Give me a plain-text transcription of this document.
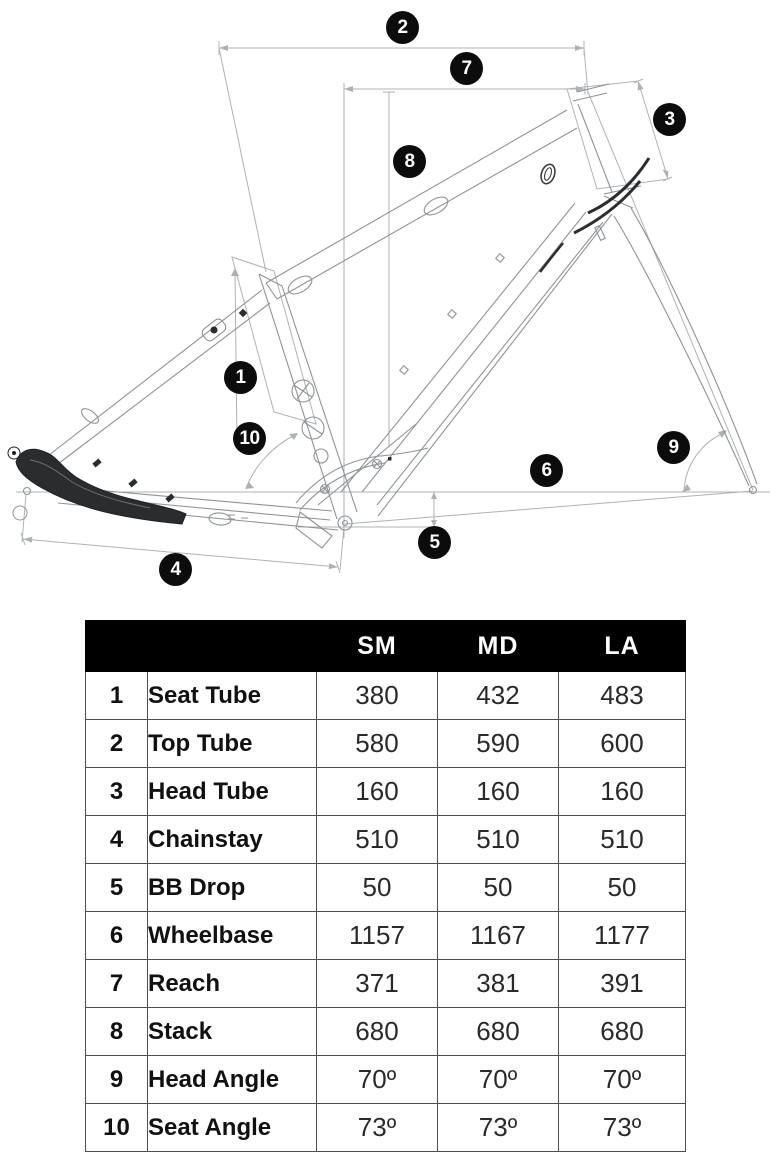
1
2
3
4
5
6
7
8
9
10
		SM	MD	LA
1	Seat Tube	380	432	483
2	Top Tube	580	590	600
3	Head Tube	160	160	160
4	Chainstay	510	510	510
5	BB Drop	50	50	50
6	Wheelbase	1157	1167	1177
7	Reach	371	381	391
8	Stack	680	680	680
9	Head Angle	70º	70º	70º
10	Seat Angle	73º	73º	73º
